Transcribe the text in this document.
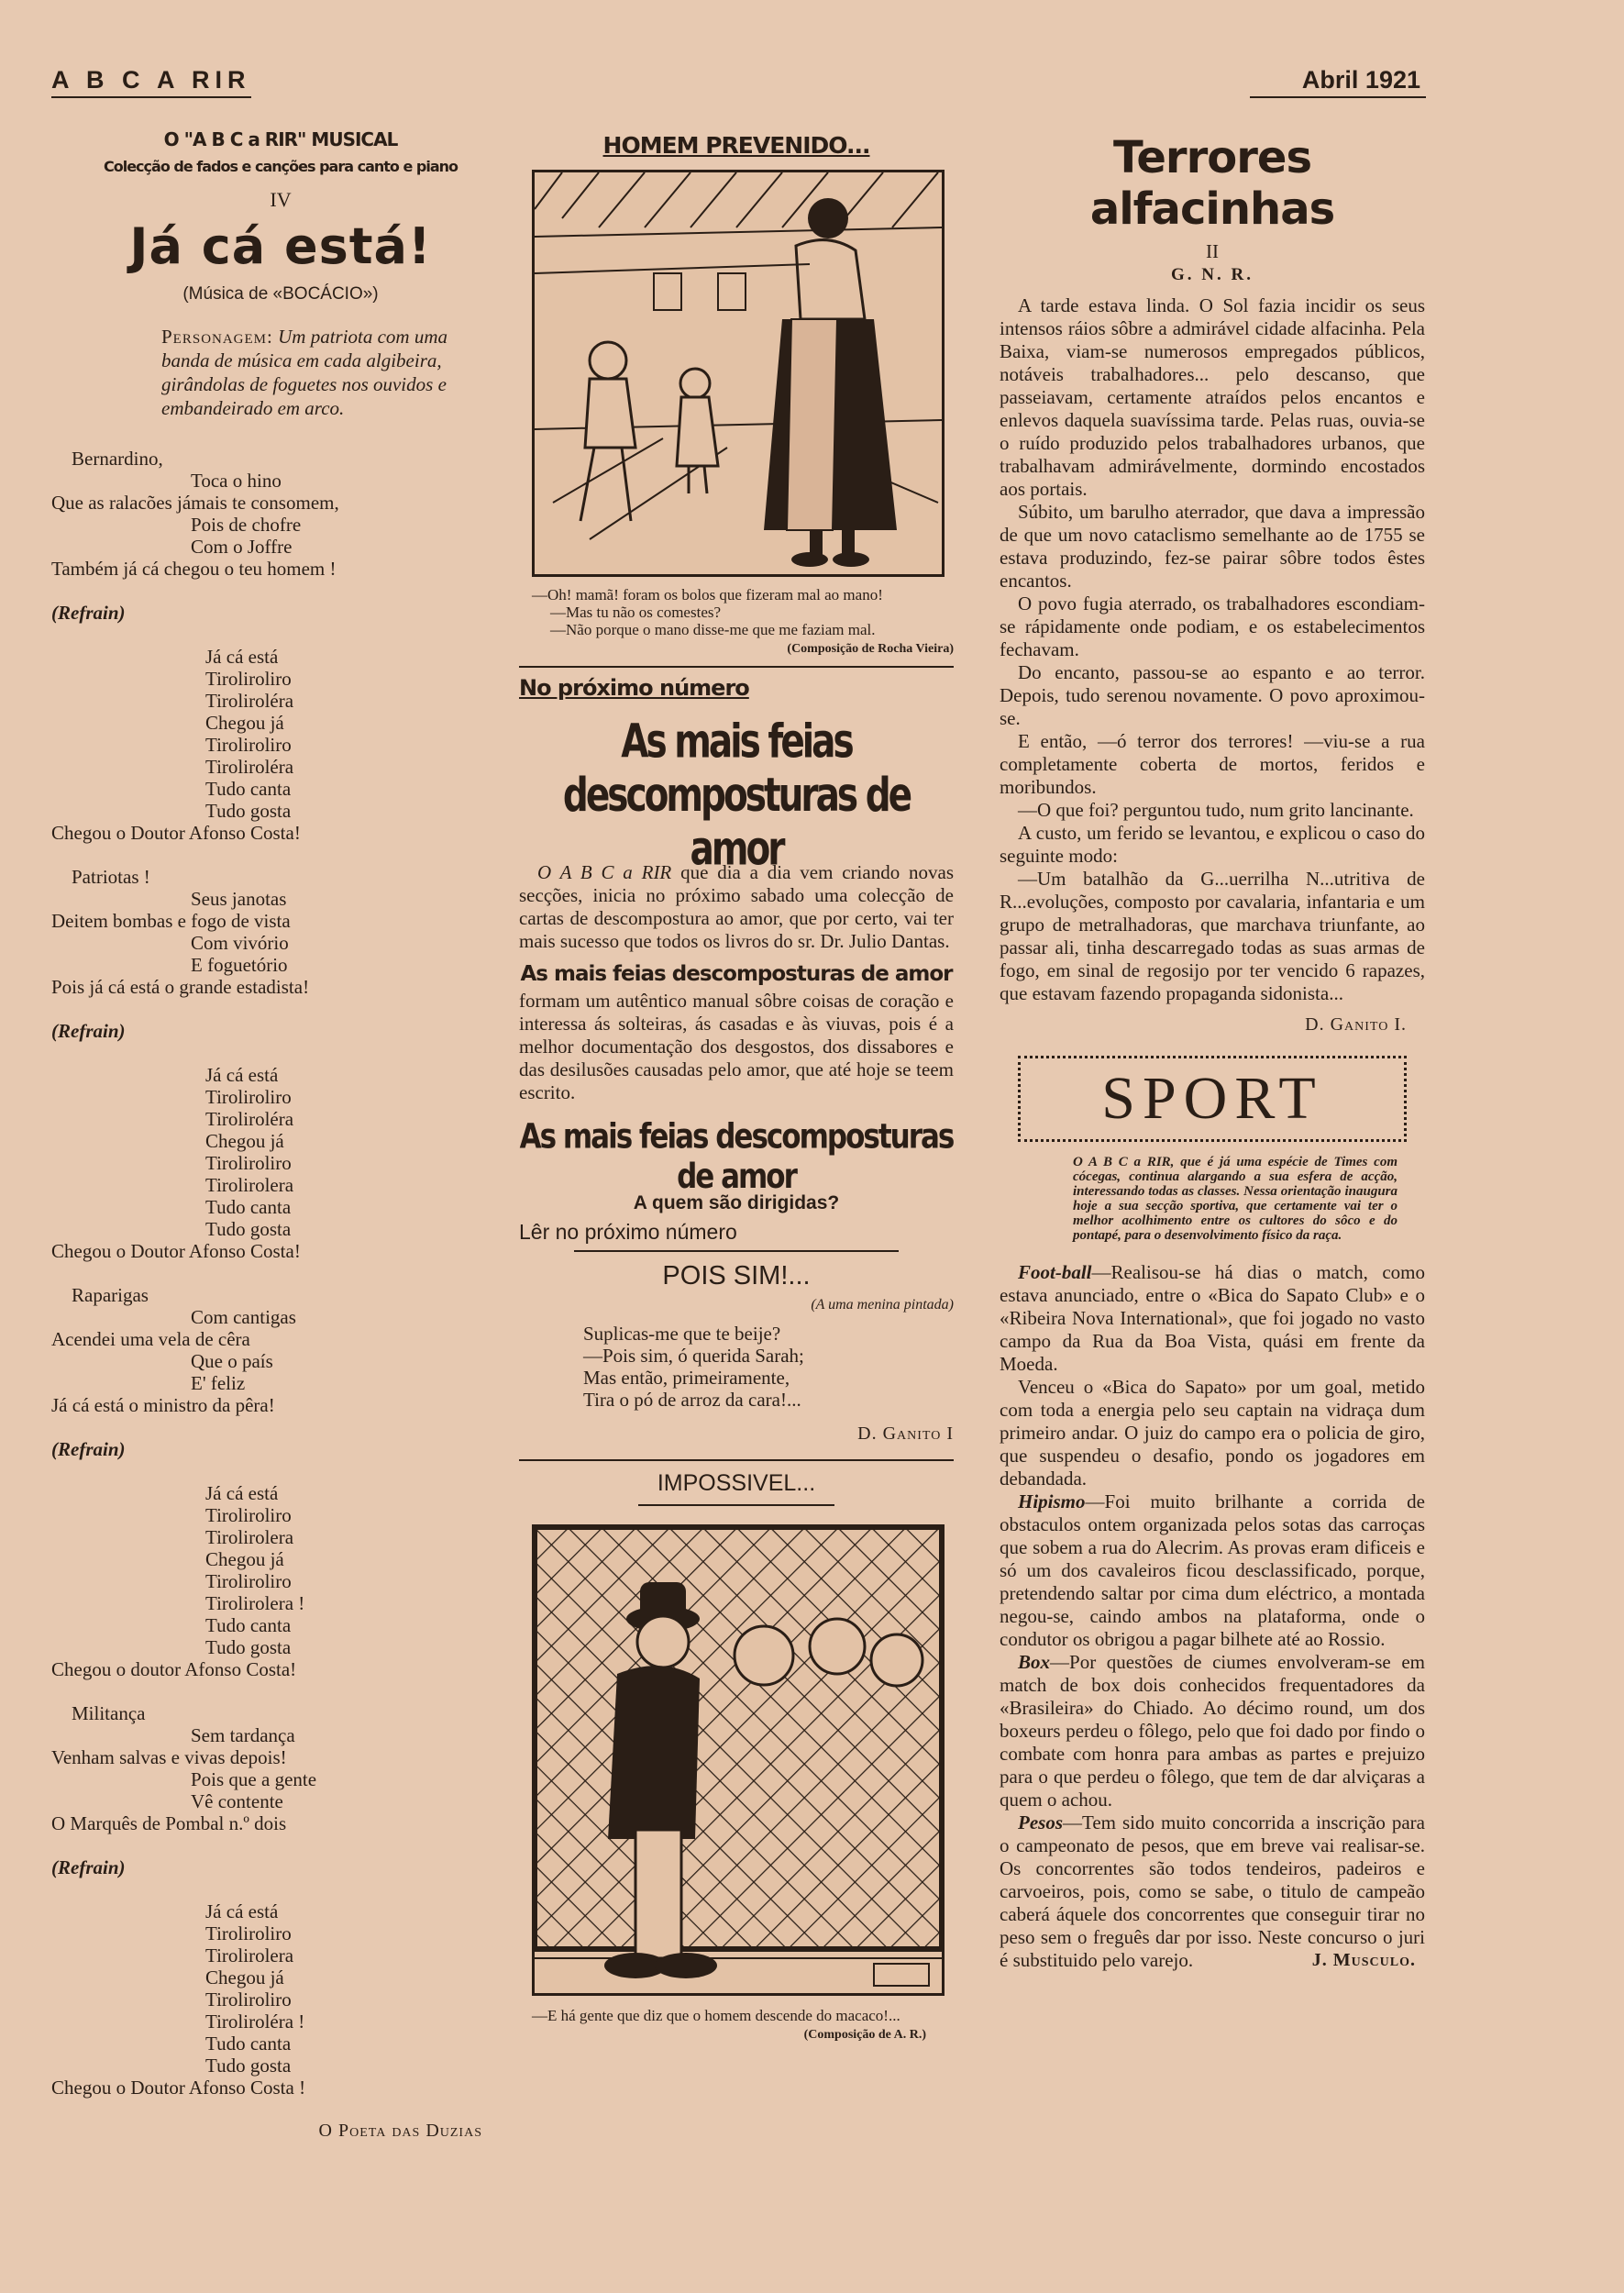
A B C A RIR	Abril 1921
O "A B C a RIR" MUSICAL
Colecção de fados e canções para canto e piano
IV
Já cá está!
(Música de «BOCÁCIO»)
Personagem: Um patriota com uma banda de música em cada algibeira, girândolas de foguetes nos ouvidos e embandeirado em arco.
Bernardino,
Toca o hino
Que as ralacões jámais te consomem,
Pois de chofre
Com o Joffre
Também já cá chegou o teu homem !
(Refrain)
Já cá está
Tiroliroliro
Tiroliroléra
Chegou já
Tiroliroliro
Tiroliroléra
Tudo canta
Tudo gosta
Chegou o Doutor Afonso Costa!
Patriotas !
Seus janotas
Deitem bombas e fogo de vista
Com vivório
E foguetório
Pois já cá está o grande estadista!
(Refrain)
Já cá está
Tiroliroliro
Tiroliroléra
Chegou já
Tiroliroliro
Tirolirolera
Tudo canta
Tudo gosta
Chegou o Doutor Afonso Costa!
Raparigas
Com cantigas
Acendei uma vela de cêra
Que o país
E' feliz
Já cá está o ministro da pêra!
(Refrain)
Já cá está
Tiroliroliro
Tirolirolera
Chegou já
Tiroliroliro
Tirolirolera !
Tudo canta
Tudo gosta
Chegou o doutor Afonso Costa!
Militança
Sem tardança
Venham salvas e vivas depois!
Pois que a gente
Vê contente
O Marquês de Pombal n.º dois
(Refrain)
Já cá está
Tiroliroliro
Tirolirolera
Chegou já
Tiroliroliro
Tiroliroléra !
Tudo canta
Tudo gosta
Chegou o Doutor Afonso Costa !
O Poeta das Duzias
HOMEM PREVENIDO...
—Oh! mamã! foram os bolos que fizeram mal ao mano!
—Mas tu não os comestes?
—Não porque o mano disse-me que me faziam mal.
(Composição de Rocha Vieira)
No próximo número
As mais feias descomposturas de amor

O A B C a RIR que dia a dia vem criando novas secções, inicia no próximo sabado uma colecção de cartas de descompostura ao amor, que por certo, vai ter mais sucesso que todos os livros do sr. Dr. Julio Dantas.

As mais feias descomposturas de amor

formam um autêntico manual sôbre coisas de coração e interessa ás solteiras, ás casadas e às viuvas, pois é a melhor documentação dos desgostos, dos dissabores e das desilusões causadas pelo amor, que até hoje se teem escrito.

As mais feias descomposturas de amor
A quem são dirigidas?
Lêr no próximo número
POIS SIM!...
(A uma menina pintada)
Suplicas-me que te beije?
—Pois sim, ó querida Sarah;
Mas então, primeiramente,
Tira o pó de arroz da cara!...
D. Ganito I
IMPOSSIVEL...
—E há gente que diz que o homem descende do macaco!...
(Composição de A. R.)
Terrores alfacinhas
II
G. N. R.

A tarde estava linda. O Sol fazia incidir os seus intensos ráios sôbre a admirável cidade alfacinha. Pela Baixa, viam-se numerosos empregados públicos, notáveis trabalhadores... pelo descanso, que passeiavam, certamente atraídos pelos encantos e enlevos daquela suavíssima tarde. Pelas ruas, ouvia-se o ruído produzido pelos trabalhadores urbanos, que trabalhavam admirávelmente, dormindo encostados aos portais.

Súbito, um barulho aterrador, que dava a impressão de que um novo cataclismo semelhante ao de 1755 se estava produzindo, fez-se pairar sôbre todos êstes encantos.

O povo fugia aterrado, os trabalhadores escondiam-se rápidamente onde podiam, e os estabelecimentos fechavam.

Do encanto, passou-se ao espanto e ao terror. Depois, tudo serenou novamente. O povo aproximou-se.

E então, —ó terror dos terrores! —viu-se a rua completamente coberta de mortos, feridos e moribundos.

—O que foi? perguntou tudo, num grito lancinante.

A custo, um ferido se levantou, e explicou o caso do seguinte modo:

—Um batalhão da G...uerrilha N...utritiva de R...evoluções, composto por cavalaria, infantaria e um grupo de metralhadoras, que marchava triunfante, ao passar ali, tinha descarregado todas as suas armas de fogo, em sinal de regosijo por ter vencido 6 rapazes, que estavam fazendo propaganda sidonista...

D. Ganito I.
SPORT
O A B C a RIR, que é já uma espécie de Times com cócegas, continua alargando a sua esfera de acção, interessando todas as classes. Nessa orientação inaugura hoje a sua secção sportiva, que certamente vai ter o melhor acolhimento entre os cultores do sôco e do pontapé, para o desenvolvimento físico da raça.

Foot-ball—Realisou-se há dias o match, como estava anunciado, entre o «Bica do Sapato Club» e o «Ribeira Nova International», que foi jogado no vasto campo da Rua da Boa Vista, quási em frente da Moeda.

Venceu o «Bica do Sapato» por um goal, metido com toda a energia pelo seu captain na vidraça dum primeiro andar. O juiz do campo era o policia de giro, que suspendeu o desafio, pondo os jogadores em debandada.

Hipismo—Foi muito brilhante a corrida de obstaculos ontem organizada pelos sotas das carroças que sobem a rua do Alecrim. As provas eram dificeis e só um dos cavaleiros ficou desclassificado, porque, pretendendo saltar por cima dum eléctrico, a montada negou-se, caindo ambos na plataforma, onde o condutor os obrigou a pagar bilhete até ao Rossio.

Box—Por questões de ciumes envolveram-se em match de box dois conhecidos frequentadores da «Brasileira» do Chiado. Ao décimo round, um dos boxeurs perdeu o fôlego, pelo que foi dado por findo o combate com honra para ambas as partes e prejuizo para o que perdeu o fôlego, que tem de dar alviçaras a quem o achou.

Pesos—Tem sido muito concorrida a inscrição para o campeonato de pesos, que em breve vai realisar-se. Os concorrentes são todos tendeiros, padeiros e carvoeiros, pois, como se sabe, o titulo de campeão caberá áquele dos concorrentes que conseguir tirar no peso sem o freguês dar por isso. Neste concurso o juri é substituido pelo varejo.	J. Musculo.
